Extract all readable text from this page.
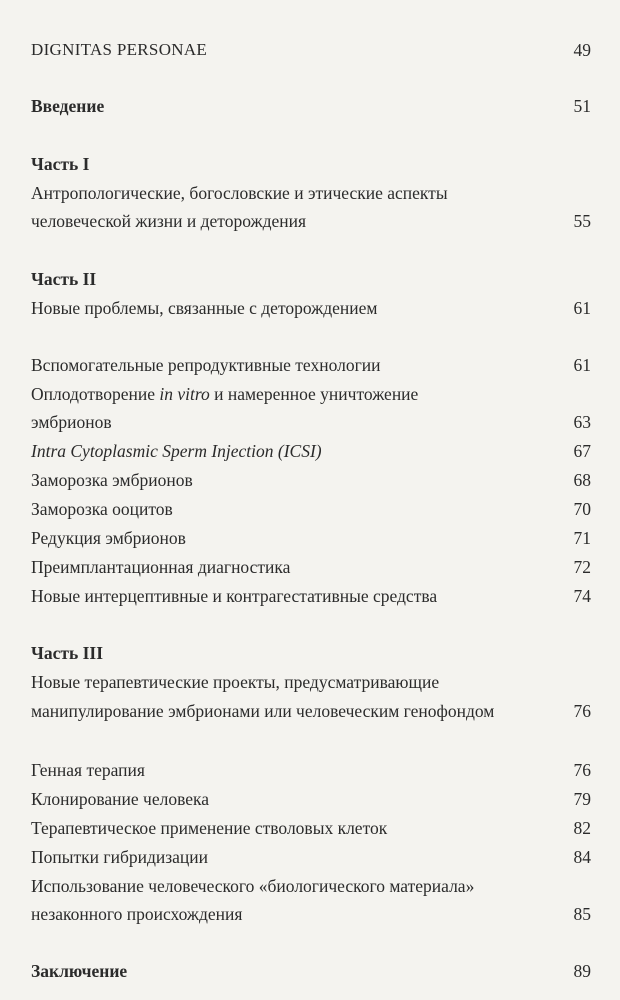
DIGNITAS PERSONAE	49
Введение	51
Часть I
Антропологические, богословские и этические аспекты
человеческой жизни и деторождения	55
Часть II
Новые проблемы, связанные с деторождением	61
Вспомогательные репродуктивные технологии	61
Оплодотворение in vitro и намеренное уничтожение
эмбрионов	63
Intra Cytoplasmic Sperm Injection (ICSI)	67
Заморозка эмбрионов	68
Заморозка ооцитов	70
Редукция эмбрионов	71
Преимплантационная диагностика	72
Новые интерцептивные и контрагестативные средства	74
Часть III
Новые терапевтические проекты, предусматривающие
манипулирование эмбрионами или человеческим генофондом	76
Генная терапия	76
Клонирование человека	79
Терапевтическое применение стволовых клеток	82
Попытки гибридизации	84
Использование человеческого «биологического материала»
незаконного происхождения	85
Заключение	89
